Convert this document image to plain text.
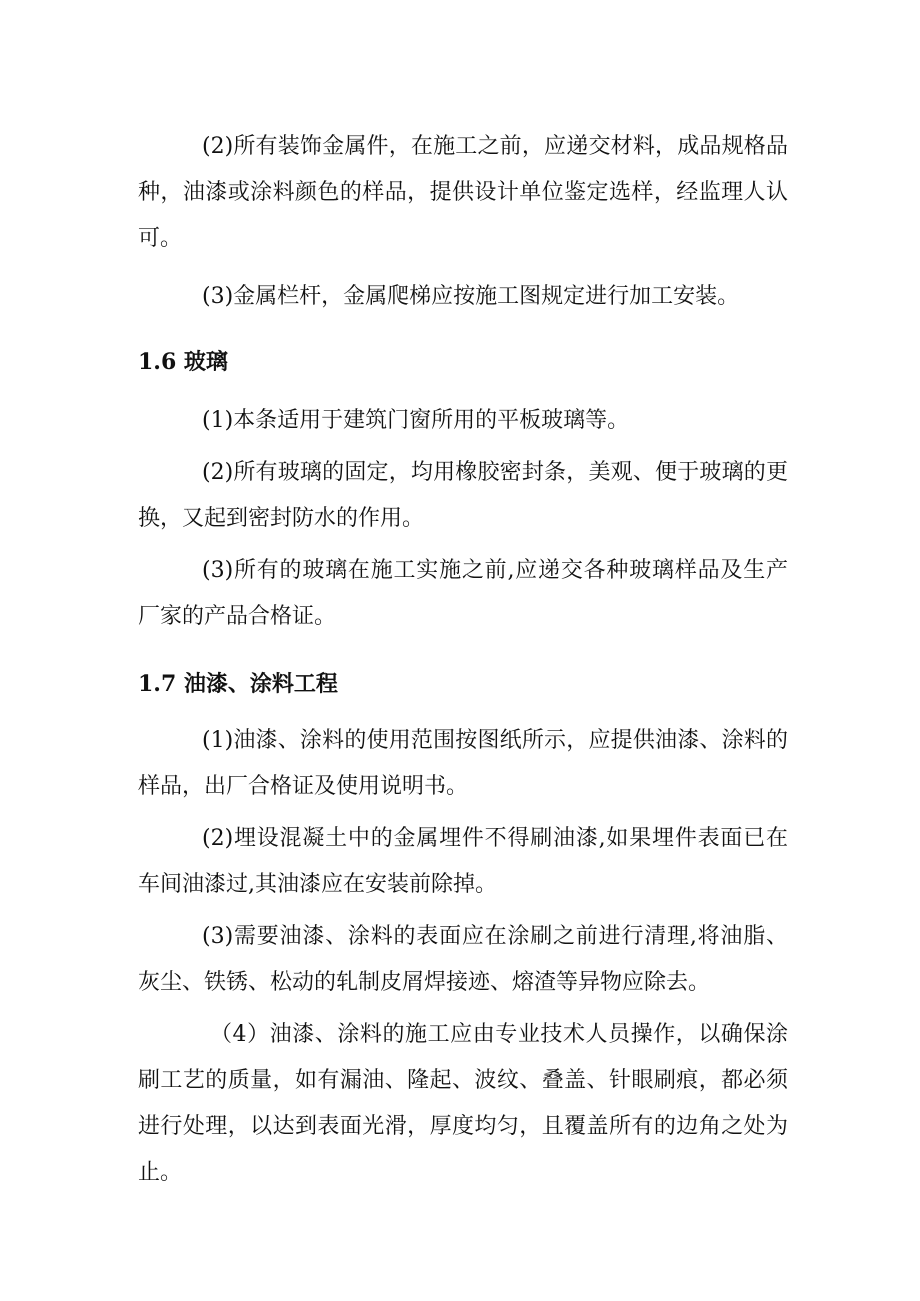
(2)所有装饰金属件，在施工之前，应递交材料，成品规格品种，油漆或涂料颜色的样品，提供设计单位鉴定选样，经监理人认可。

(3)金属栏杆，金属爬梯应按施工图规定进行加工安装。

1.6 玻璃

(1)本条适用于建筑门窗所用的平板玻璃等。

(2)所有玻璃的固定，均用橡胶密封条，美观、便于玻璃的更换，又起到密封防水的作用。

(3)所有的玻璃在施工实施之前,应递交各种玻璃样品及生产厂家的产品合格证。

1.7 油漆、涂料工程

(1)油漆、涂料的使用范围按图纸所示，应提供油漆、涂料的样品，出厂合格证及使用说明书。

(2)埋设混凝土中的金属埋件不得刷油漆,如果埋件表面已在车间油漆过,其油漆应在安装前除掉。

(3)需要油漆、涂料的表面应在涂刷之前进行清理,将油脂、灰尘、铁锈、松动的轧制皮屑焊接迹、熔渣等异物应除去。

（4）油漆、涂料的施工应由专业技术人员操作，以确保涂刷工艺的质量，如有漏油、隆起、波纹、叠盖、针眼刷痕，都必须进行处理，以达到表面光滑，厚度均匀，且覆盖所有的边角之处为止。
